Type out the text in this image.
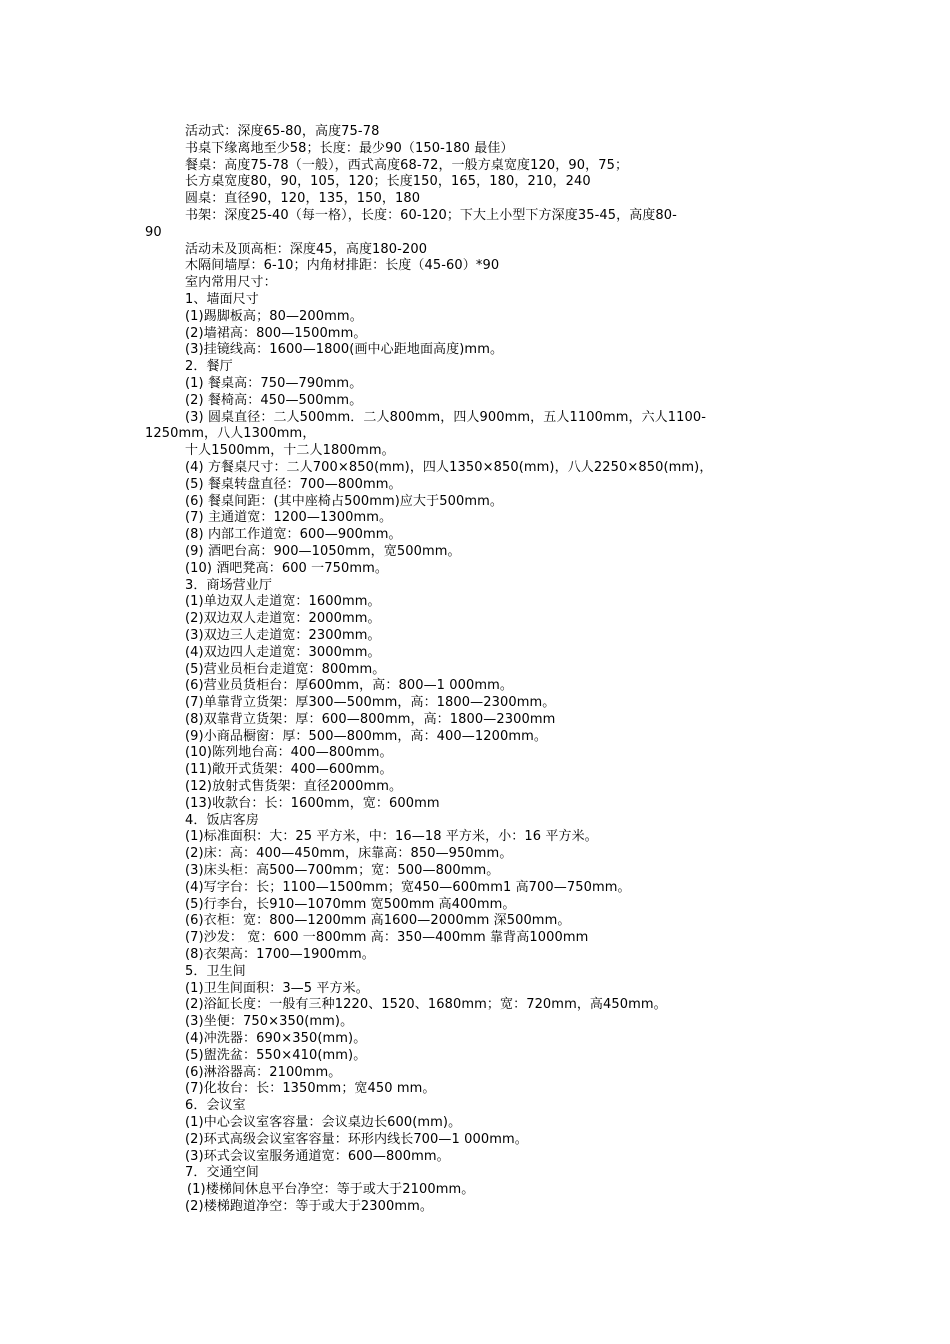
活动式：深度65-80，高度75-78
书桌下缘离地至少58；长度：最少90（150-180 最佳）
餐桌：高度75-78（一般），西式高度68-72，一般方桌宽度120，90，75；
长方桌宽度80，90，105，120；长度150，165，180，210，240
圆桌：直径90，120，135，150，180
书架：深度25-40（每一格），长度：60-120；下大上小型下方深度35-45，高度80-
90
活动未及顶高柜：深度45，高度180-200
木隔间墙厚：6-10；内角材排距：长度（45-60）*90
室内常用尺寸：
1、墙面尺寸
(1)踢脚板高；80—200mm。
(2)墙裙高：800—1500mm。
(3)挂镜线高：1600—1800(画中心距地面高度)mm。
2．餐厅
(1) 餐桌高：750—790mm。
(2) 餐椅高：450—500mm。
(3) 圆桌直径：二人500mm．二人800mm，四人900mm，五人1100mm，六人1100-
1250mm，八人1300mm，
十人1500mm，十二人1800mm。
(4) 方餐桌尺寸：二人700×850(mm)，四人1350×850(mm)，八人2250×850(mm)，
(5) 餐桌转盘直径：700—800mm。
(6) 餐桌间距：(其中座椅占500mm)应大于500mm。
(7) 主通道宽：1200—1300mm。
(8) 内部工作道宽：600—900mm。
(9) 酒吧台高：900—1050mm，宽500mm。
(10) 酒吧凳高：600 一750mm。
3．商场营业厅
(1)单边双人走道宽：1600mm。
(2)双边双人走道宽：2000mm。
(3)双边三人走道宽：2300mm。
(4)双边四人走道宽：3000mm。
(5)营业员柜台走道宽：800mm。
(6)营业员货柜台：厚600mm，高：800—1 000mm。
(7)单靠背立货架：厚300—500mm，高：1800—2300mm。
(8)双靠背立货架：厚：600—800mm，高：1800—2300mm
(9)小商品橱窗：厚：500—800mm，高：400—1200mm。
(10)陈列地台高：400—800mm。
(11)敞开式货架：400—600mm。
(12)放射式售货架：直径2000mm。
(13)收款台：长：1600mm，宽：600mm
4．饭店客房
(1)标准面积：大：25 平方米，中：16—18 平方米，小：16 平方米。
(2)床：高：400—450mm，床靠高：850—950mm。
(3)床头柜：高500—700mm；宽：500—800mm。
(4)写字台：长；1100—1500mm；宽450—600mm1 高700—750mm。
(5)行李台，长910—1070mm 宽500mm 高400mm。
(6)衣柜：宽：800—1200mm 高1600—2000mm 深500mm。
(7)沙发： 宽：600 一800mm 高：350—400mm 靠背高1000mm
(8)衣架高：1700—1900mm。
5．卫生间
(1)卫生间面积：3—5 平方米。
(2)浴缸长度：一般有三种1220、1520、1680mm；宽：720mm，高450mm。
(3)坐便：750×350(mm)。
(4)冲洗器：690×350(mm)。
(5)盥洗盆：550×410(mm)。
(6)淋浴器高：2100mm。
(7)化妆台：长：1350mm；宽450 mm。
6．会议室
(1)中心会议室客容量：会议桌边长600(mm)。
(2)环式高级会议室客容量：环形内线长700—1 000mm。
(3)环式会议室服务通道宽：600—800mm。
7．交通空间
(1)楼梯间休息平台净空：等于或大于2100mm。
(2)楼梯跑道净空：等于或大于2300mm。
